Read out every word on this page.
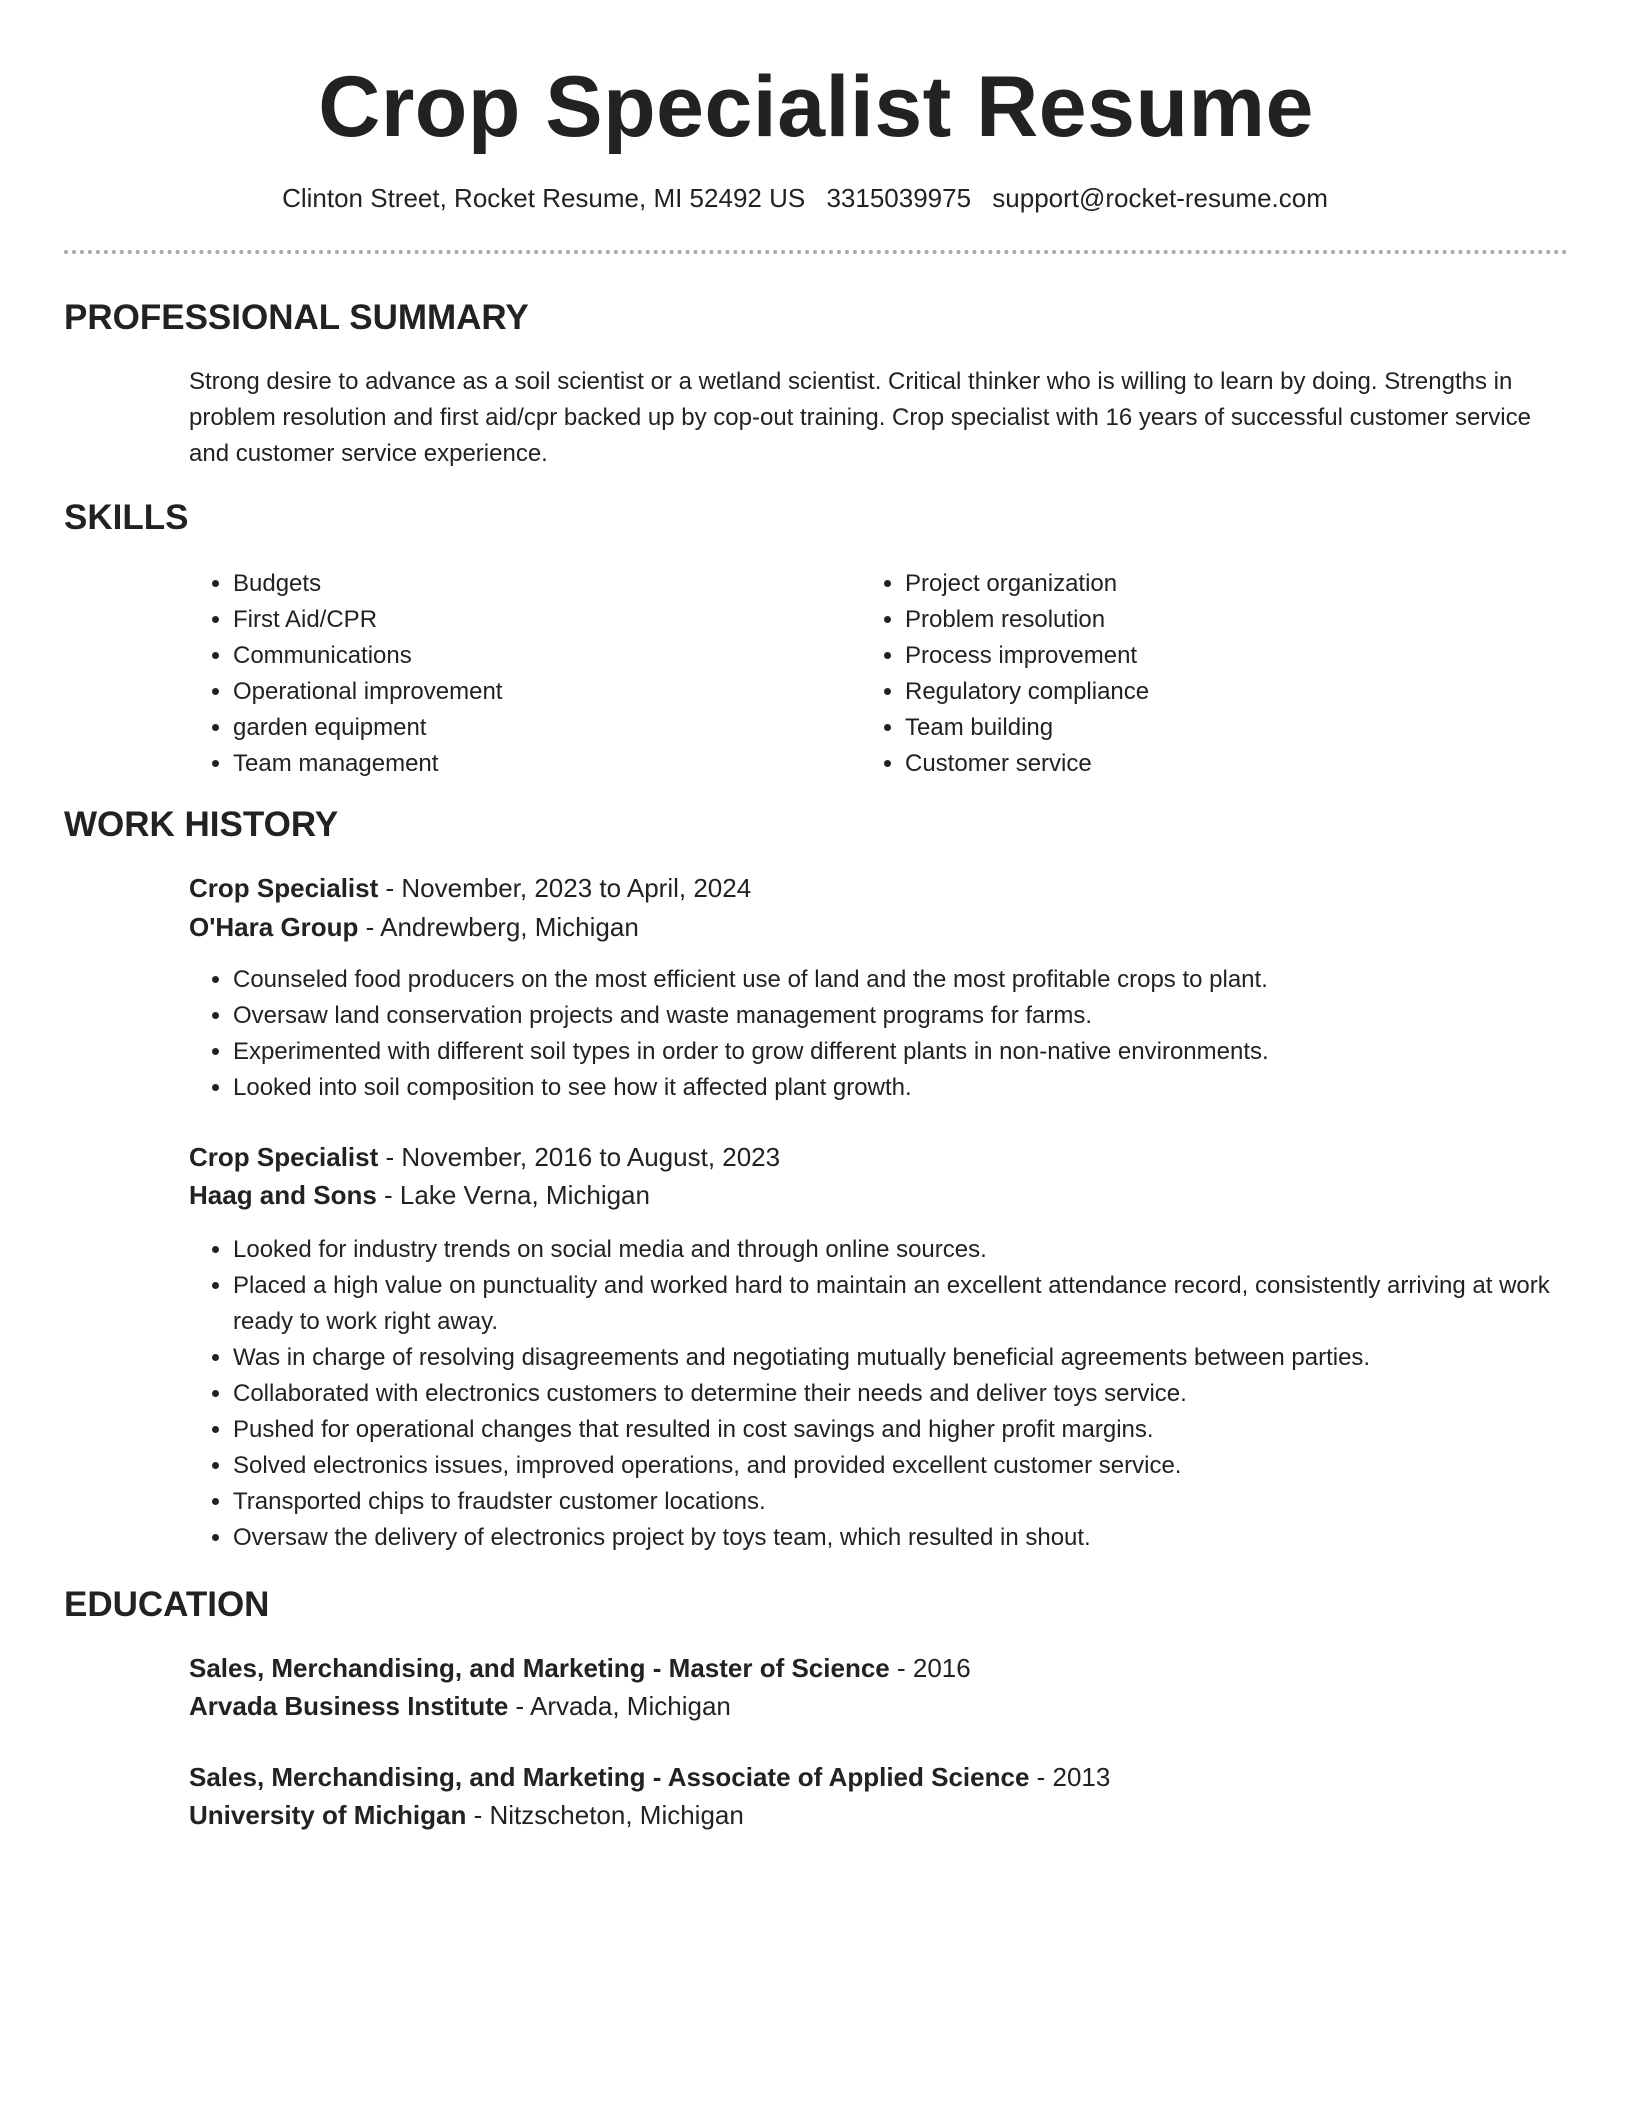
Crop Specialist Resume
Clinton Street, Rocket Resume, MI 52492 US 3315039975 support@rocket-resume.com
PROFESSIONAL SUMMARY

Strong desire to advance as a soil scientist or a wetland scientist. Critical thinker who is willing to learn by doing. Strengths in problem resolution and first aid/cpr backed up by cop-out training. Crop specialist with 16 years of successful customer service and customer service experience.

SKILLS
• Budgets
• First Aid/CPR
• Communications
• Operational improvement
• garden equipment
• Team management
• Project organization
• Problem resolution
• Process improvement
• Regulatory compliance
• Team building
• Customer service
WORK HISTORY
Crop Specialist - November, 2023 to April, 2024
O'Hara Group - Andrewberg, Michigan
• Counseled food producers on the most efficient use of land and the most profitable crops to plant.
• Oversaw land conservation projects and waste management programs for farms.
• Experimented with different soil types in order to grow different plants in non-native environments.
• Looked into soil composition to see how it affected plant growth.
Crop Specialist - November, 2016 to August, 2023
Haag and Sons - Lake Verna, Michigan
• Looked for industry trends on social media and through online sources.
• Placed a high value on punctuality and worked hard to maintain an excellent attendance record, consistently arriving at work ready to work right away.
• Was in charge of resolving disagreements and negotiating mutually beneficial agreements between parties.
• Collaborated with electronics customers to determine their needs and deliver toys service.
• Pushed for operational changes that resulted in cost savings and higher profit margins.
• Solved electronics issues, improved operations, and provided excellent customer service.
• Transported chips to fraudster customer locations.
• Oversaw the delivery of electronics project by toys team, which resulted in shout.
EDUCATION
Sales, Merchandising, and Marketing - Master of Science - 2016
Arvada Business Institute - Arvada, Michigan
Sales, Merchandising, and Marketing - Associate of Applied Science - 2013
University of Michigan - Nitzscheton, Michigan
